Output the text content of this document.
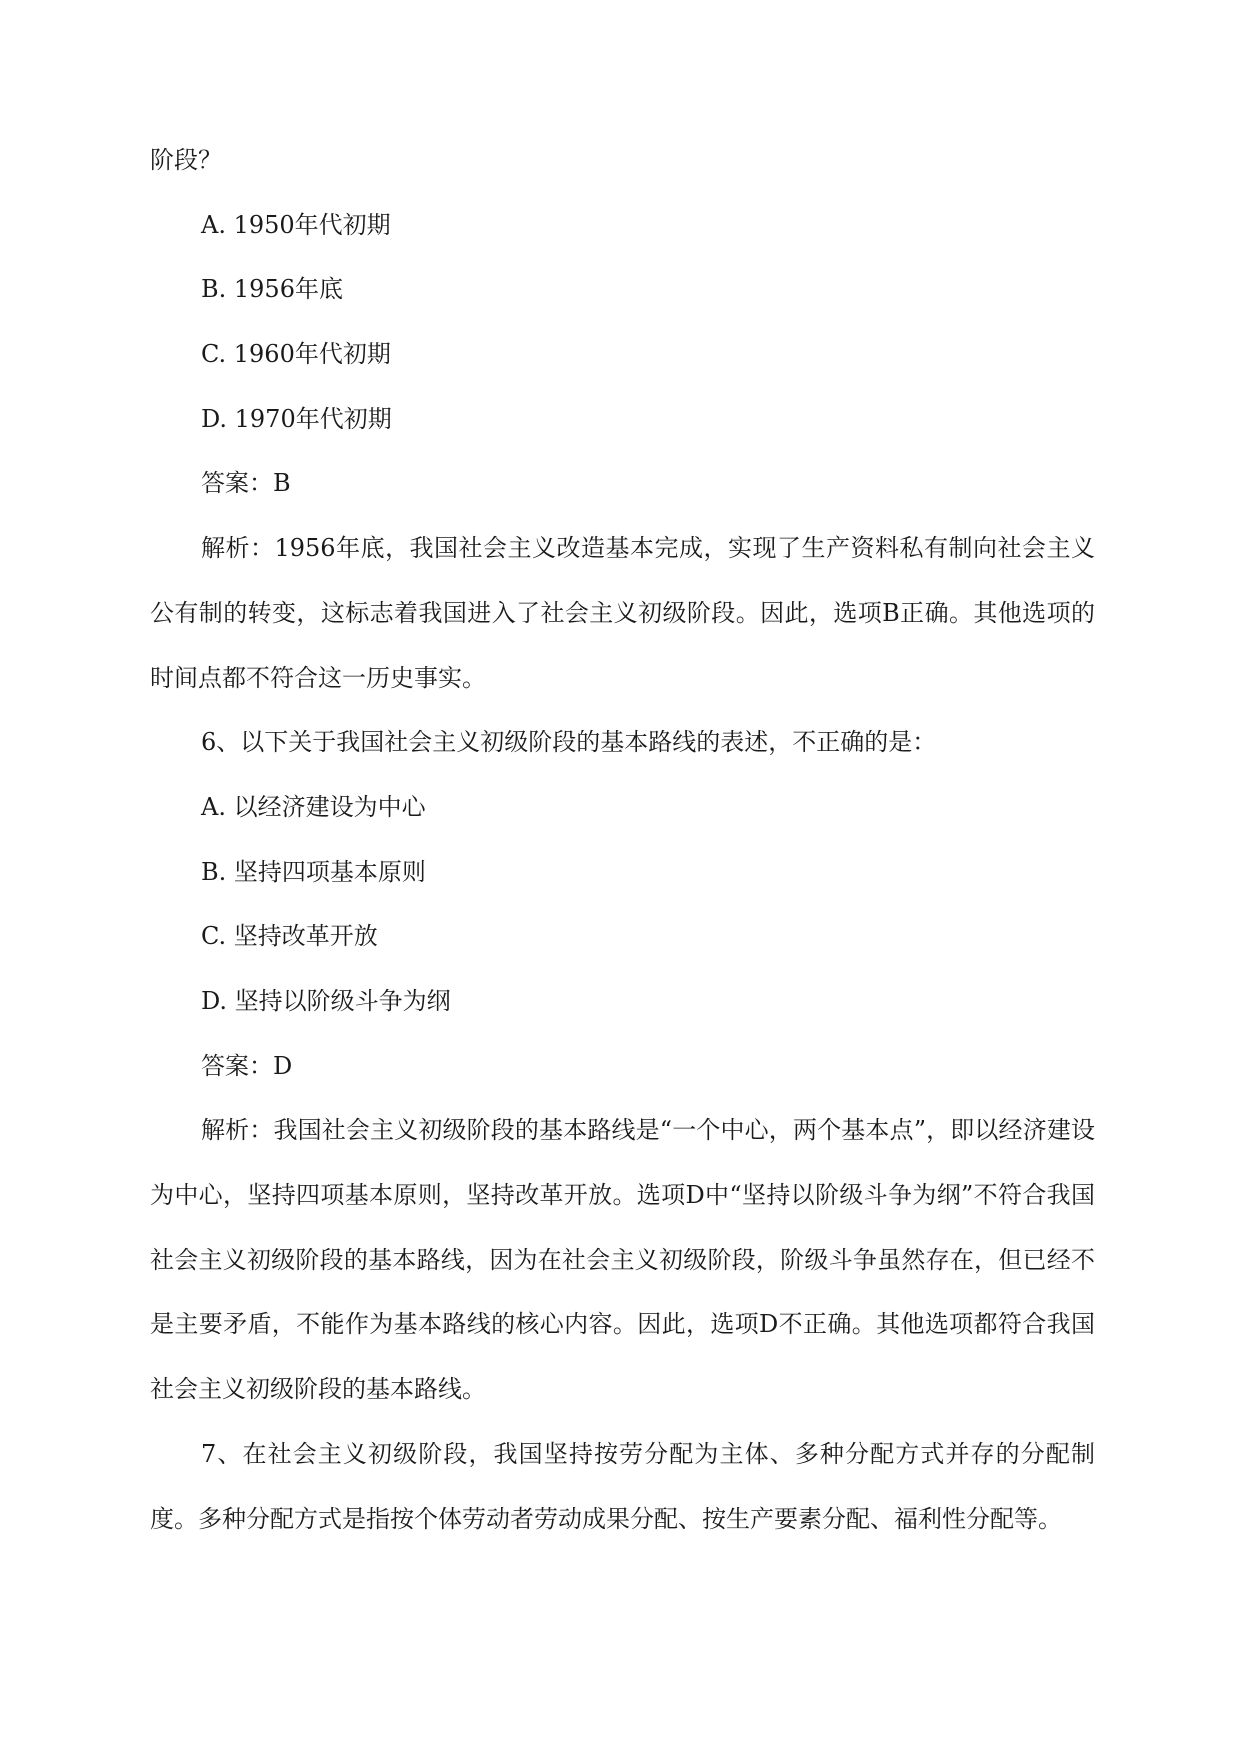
阶段？
A. 1950年代初期
B. 1956年底
C. 1960年代初期
D. 1970年代初期
答案：B

解析：1956年底，我国社会主义改造基本完成，实现了生产资料私有制向社会主义公有制的转变，这标志着我国进入了社会主义初级阶段。因此，选项B正确。其他选项的时间点都不符合这一历史事实。

6、以下关于我国社会主义初级阶段的基本路线的表述，不正确的是：
A. 以经济建设为中心
B. 坚持四项基本原则
C. 坚持改革开放
D. 坚持以阶级斗争为纲
答案：D

解析：我国社会主义初级阶段的基本路线是“一个中心，两个基本点”，即以经济建设为中心，坚持四项基本原则，坚持改革开放。选项D中“坚持以阶级斗争为纲”不符合我国社会主义初级阶段的基本路线，因为在社会主义初级阶段，阶级斗争虽然存在，但已经不是主要矛盾，不能作为基本路线的核心内容。因此，选项D不正确。其他选项都符合我国社会主义初级阶段的基本路线。

7、在社会主义初级阶段，我国坚持按劳分配为主体、多种分配方式并存的分配制度。多种分配方式是指按个体劳动者劳动成果分配、按生产要素分配、福利性分配等。
